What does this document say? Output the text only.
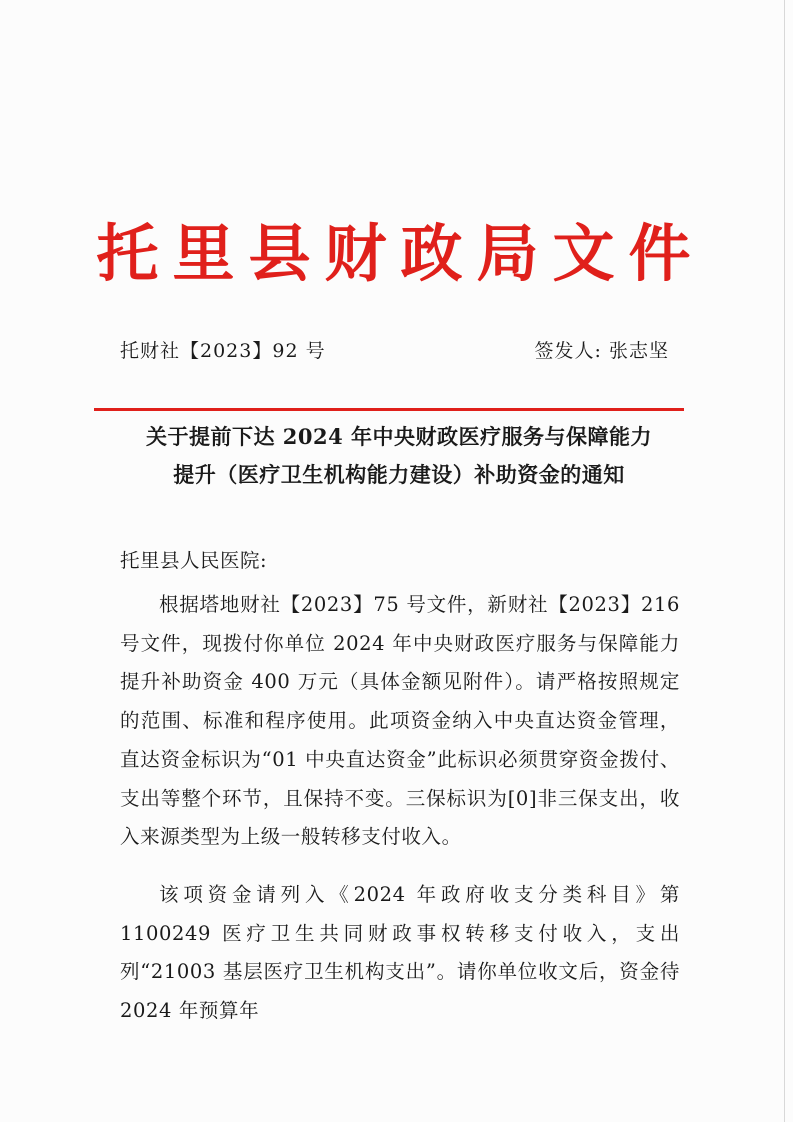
托里县财政局文件
托财社【2023】92 号	签发人: 张志坚
关于提前下达 2024 年中央财政医疗服务与保障能力
提升（医疗卫生机构能力建设）补助资金的通知
托里县人民医院:

根据塔地财社【2023】75 号文件，新财社【2023】216 号文件，现拨付你单位 2024 年中央财政医疗服务与保障能力提升补助资金 400 万元（具体金额见附件）。请严格按照规定的范围、标准和程序使用。此项资金纳入中央直达资金管理，直达资金标识为“01 中央直达资金”此标识必须贯穿资金拨付、支出等整个环节，且保持不变。三保标识为[0]非三保支出，收入来源类型为上级一般转移支付收入。

该项资金请列入《2024 年政府收支分类科目》第 1100249 医疗卫生共同财政事权转移支付收入，支出列“21003 基层医疗卫生机构支出”。请你单位收文后，资金待 2024 年预算年
